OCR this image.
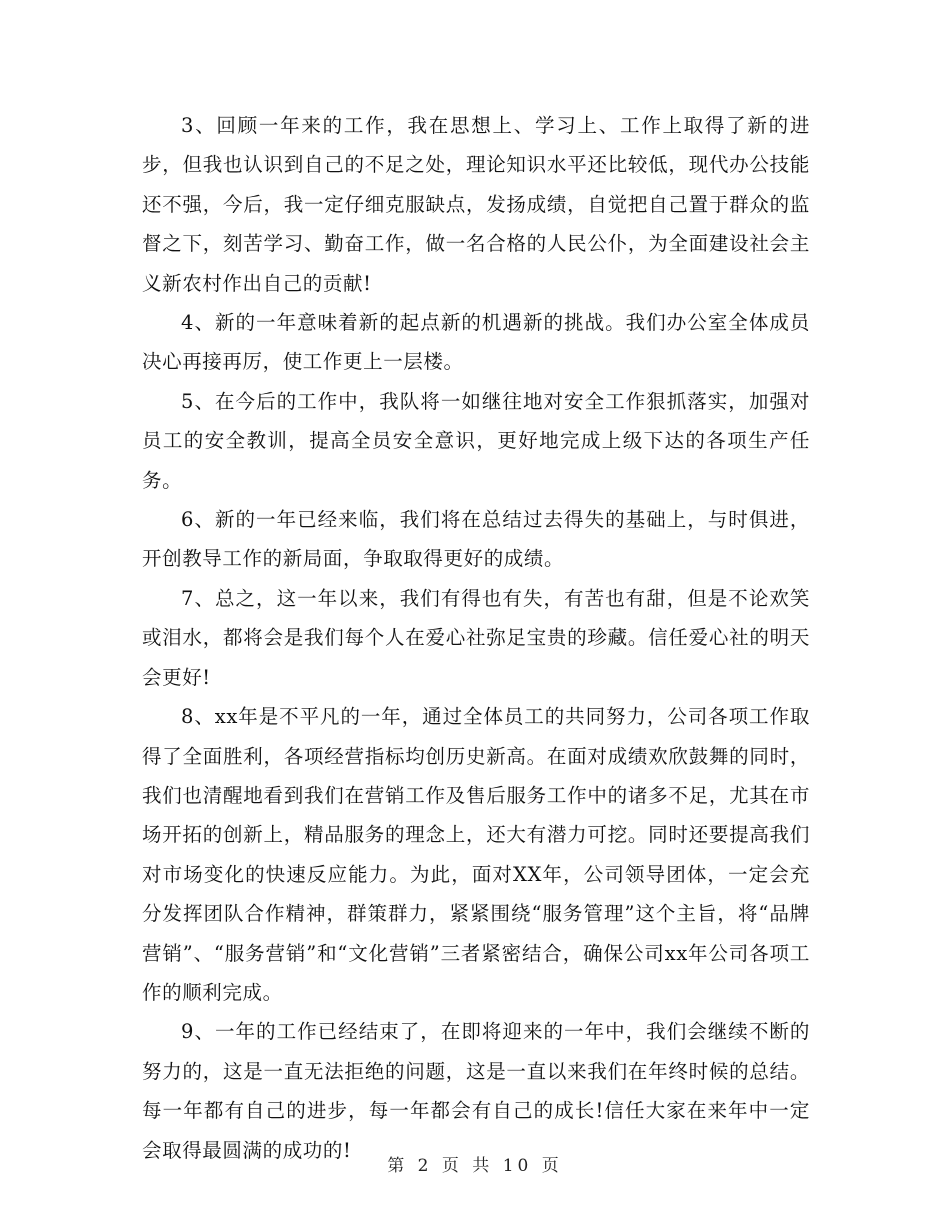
3、回顾一年来的工作，我在思想上、学习上、工作上取得了新的进步，但我也认识到自己的不足之处，理论知识水平还比较低，现代办公技能还不强，今后，我一定仔细克服缺点，发扬成绩，自觉把自己置于群众的监督之下，刻苦学习、勤奋工作，做一名合格的人民公仆，为全面建设社会主义新农村作出自己的贡献!

4、新的一年意味着新的起点新的机遇新的挑战。我们办公室全体成员决心再接再厉，使工作更上一层楼。

5、在今后的工作中，我队将一如继往地对安全工作狠抓落实，加强对员工的安全教训，提高全员安全意识，更好地完成上级下达的各项生产任务。

6、新的一年已经来临，我们将在总结过去得失的基础上，与时俱进，开创教导工作的新局面，争取取得更好的成绩。

7、总之，这一年以来，我们有得也有失，有苦也有甜，但是不论欢笑或泪水，都将会是我们每个人在爱心社弥足宝贵的珍藏。信任爱心社的明天会更好!

8、xx年是不平凡的一年，通过全体员工的共同努力，公司各项工作取得了全面胜利，各项经营指标均创历史新高。在面对成绩欢欣鼓舞的同时，我们也清醒地看到我们在营销工作及售后服务工作中的诸多不足，尤其在市场开拓的创新上，精品服务的理念上，还大有潜力可挖。同时还要提高我们对市场变化的快速反应能力。为此，面对XX年，公司领导团体，一定会充分发挥团队合作精神，群策群力，紧紧围绕“服务管理”这个主旨，将“品牌营销”、“服务营销”和“文化营销”三者紧密结合，确保公司xx年公司各项工作的顺利完成。

9、一年的工作已经结束了，在即将迎来的一年中，我们会继续不断的努力的，这是一直无法拒绝的问题，这是一直以来我们在年终时候的总结。每一年都有自己的进步，每一年都会有自己的成长!信任大家在来年中一定会取得最圆满的成功的!

第 2 页 共 10 页
